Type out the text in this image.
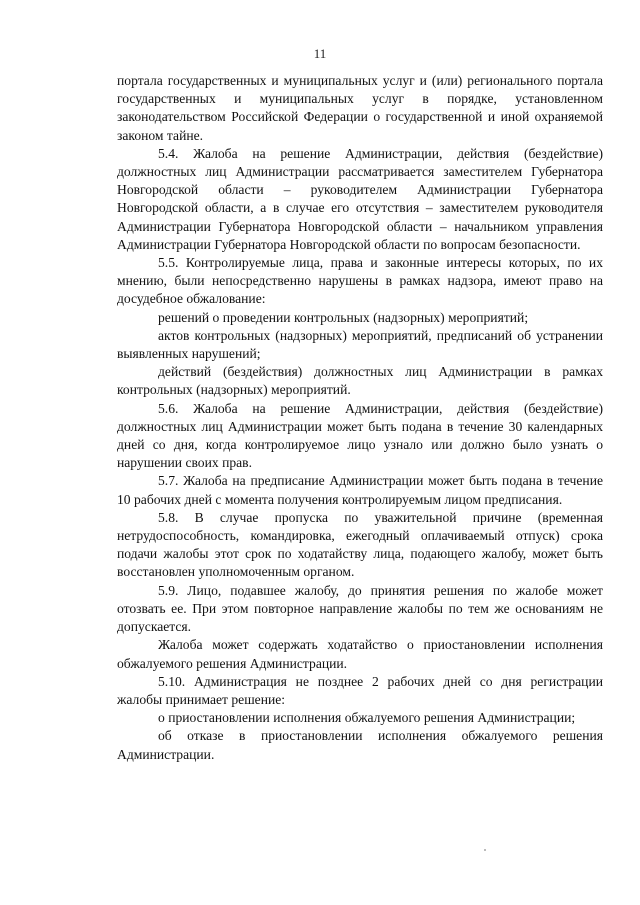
11

портала государственных и муниципальных услуг и (или) регионального портала государственных и муниципальных услуг в порядке, установленном законодательством Российской Федерации о государственной и иной охраняемой законом тайне.

5.4. Жалоба на решение Администрации, действия (бездействие) должностных лиц Администрации рассматривается заместителем Губернатора Новгородской области – руководителем Администрации Губернатора Новгородской области, а в случае его отсутствия – заместителем руководителя Администрации Губернатора Новгородской области – начальником управления Администрации Губернатора Новгородской области по вопросам безопасности.

5.5. Контролируемые лица, права и законные интересы которых, по их мнению, были непосредственно нарушены в рамках надзора, имеют право на досудебное обжалование:

решений о проведении контрольных (надзорных) мероприятий;

актов контрольных (надзорных) мероприятий, предписаний об устранении выявленных нарушений;

действий (бездействия) должностных лиц Администрации в рамках контрольных (надзорных) мероприятий.

5.6. Жалоба на решение Администрации, действия (бездействие) должностных лиц Администрации может быть подана в течение 30 календарных дней со дня, когда контролируемое лицо узнало или должно было узнать о нарушении своих прав.

5.7. Жалоба на предписание Администрации может быть подана в течение 10 рабочих дней с момента получения контролируемым лицом предписания.

5.8. В случае пропуска по уважительной причине (временная нетрудоспособность, командировка, ежегодный оплачиваемый отпуск) срока подачи жалобы этот срок по ходатайству лица, подающего жалобу, может быть восстановлен уполномоченным органом.

5.9. Лицо, подавшее жалобу, до принятия решения по жалобе может отозвать ее. При этом повторное направление жалобы по тем же основаниям не допускается.

Жалоба может содержать ходатайство о приостановлении исполнения обжалуемого решения Администрации.

5.10. Администрация не позднее 2 рабочих дней со дня регистрации жалобы принимает решение:

о приостановлении исполнения обжалуемого решения Администрации;

об отказе в приостановлении исполнения обжалуемого решения Администрации.
